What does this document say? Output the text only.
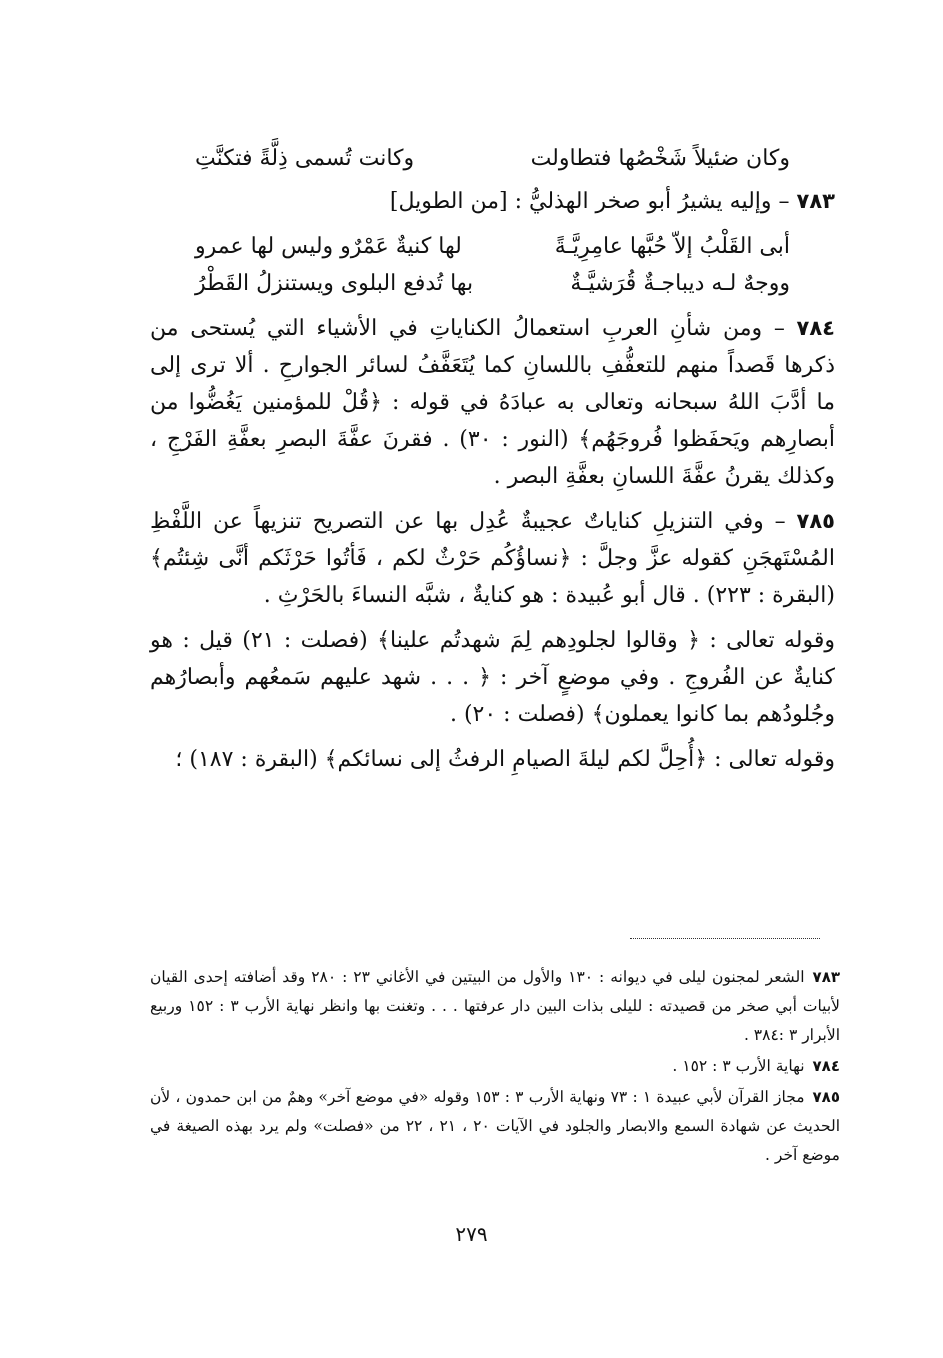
وكان ضئيلاً شَخْصُها فتطاولت
وكانت تُسمى ذِلَّةً فتكنَّتِ

٧٨٣ – وإليه يشيرُ أبو صخر الهذليُّ : [من الطويل]

أبى القَلْبُ إلاّ حُبَّها عامِرِيَّـةً
لها كنيةٌ عَمْرٌو وليس لها عمرو
ووجهٌ لـه ديباجـةٌ قُرَشيَّـةٌ
بها تُدفع البلوى ويستنزلُ القَطْرُ

٧٨٤ – ومن شأنِ العربِ استعمالُ الكناياتِ في الأشياء التي يُستحى من ذكرها قَصداً منهم للتعفُّفِ باللسانِ كما يُتَعَفَّفُ لسائر الجوارحِ . ألا ترى إلى ما أدَّبَ اللهُ سبحانه وتعالى به عبادَهُ في قوله : ﴿قُلْ للمؤمنين يَغُضُّوا من أبصارِهم ويَحفَظوا فُروجَهُم﴾ (النور : ٣٠) . فقرنَ عفَّةَ البصرِ بعفَّةِ الفَرْجِ ، وكذلك يقرنُ عفَّةَ اللسانِ بعفَّةِ البصر .

٧٨٥ – وفي التنزيلِ كناياتٌ عجيبةٌ عُدِل بها عن التصريح تنزيهاً عن اللَّفْظِ المُسْتَهجَنِ كقوله عزَّ وجلَّ : ﴿نساؤُكُم حَرْثٌ لكم ، فَأتُوا حَرْثَكم أنَّى شِئتُم﴾ (البقرة : ٢٢٣) . قال أبو عُبيدة : هو كنايةٌ ، شبَّه النساءَ بالحَرْثِ .

وقوله تعالى : ﴿ وقالوا لجلودِهم لِمَ شهدتُم علينا﴾ (فصلت : ٢١) قيل : هو كنايةٌ عن الفُروجِ . وفي موضعٍ آخر : ﴿ . . . شهد عليهم سَمعُهم وأبصارُهم وجُلودُهم بما كانوا يعملون﴾ (فصلت : ٢٠) .

وقوله تعالى : ﴿أُحِلَّ لكم ليلةَ الصيامِ الرفثُ إلى نسائكم﴾ (البقرة : ١٨٧) ؛

٧٨٣الشعر لمجنون ليلى في ديوانه : ١٣٠ والأول من البيتين في الأغاني ٢٣ : ٢٨٠ وقد أضافته إحدى القيان لأبيات أبي صخر من قصيدته : لليلى بذات البين دار عرفتها . . . وتغنت بها وانظر نهاية الأرب ٣ : ١٥٢ وربيع الأبرار ٣ :٣٨٤ .
٧٨٤نهاية الأرب ٣ : ١٥٢ .
٧٨٥مجاز القرآن لأبي عبيدة ١ : ٧٣ ونهاية الأرب ٣ : ١٥٣ وقوله «في موضع آخر» وهمٌ من ابن حمدون ، لأن الحديث عن شهادة السمع والابصار والجلود في الآيات ٢٠ ، ٢١ ، ٢٢ من «فصلت» ولم يرد بهذه الصيغة في موضع آخر .
٢٧٩
